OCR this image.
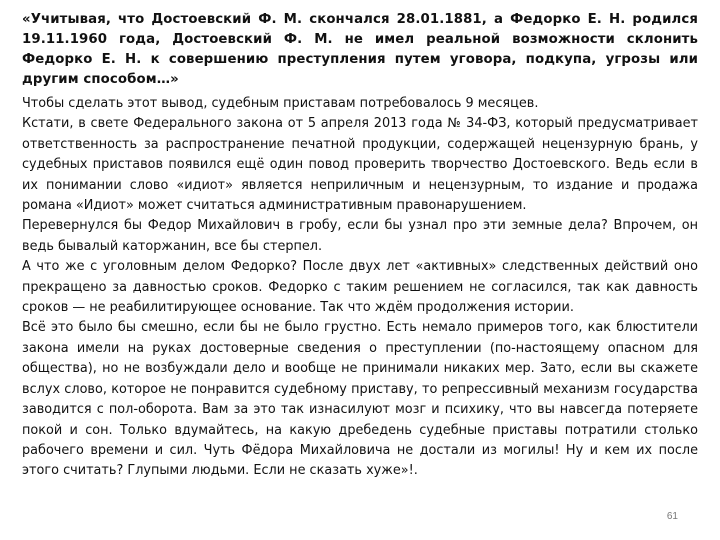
«Учитывая, что Достоевский Ф. М. скончался 28.01.1881, а Федорко Е. Н. родился 19.11.1960 года, Достоевский Ф. М. не имел реальной возможности склонить Федорко Е. Н. к совершению преступления путем уговора, подкупа, угрозы или другим способом…»

Чтобы сделать этот вывод, судебным приставам потребовалось 9 месяцев.

Кстати, в свете Федерального закона от 5 апреля 2013 года № 34-ФЗ, который предусматривает ответственность за распространение печатной продукции, содержащей нецензурную брань, у судебных приставов появился ещё один повод проверить творчество Достоевского. Ведь если в их понимании слово «идиот» является неприличным и нецензурным, то издание и продажа романа «Идиот» может считаться административным правонарушением.

Перевернулся бы Федор Михайлович в гробу, если бы узнал про эти земные дела? Впрочем, он ведь бывалый каторжанин, все бы стерпел.

А что же с уголовным делом Федорко? После двух лет «активных» следственных действий оно прекращено за давностью сроков. Федорко с таким решением не согласился, так как давность сроков — не реабилитирующее основание. Так что ждём продолжения истории.

Всё это было бы смешно, если бы не было грустно. Есть немало примеров того, как блюстители закона имели на руках достоверные сведения о преступлении (по-настоящему опасном для общества), но не возбуждали дело и вообще не принимали никаких мер. Зато, если вы скажете вслух слово, которое не понравится судебному приставу, то репрессивный механизм государства заводится с пол-оборота. Вам за это так изнасилуют мозг и психику, что вы навсегда потеряете покой и сон. Только вдумайтесь, на какую дребедень судебные приставы потратили столько рабочего времени и сил. Чуть Фёдора Михайловича не достали из могилы! Ну и кем их после этого считать? Глупыми людьми. Если не сказать хуже»!.

61
